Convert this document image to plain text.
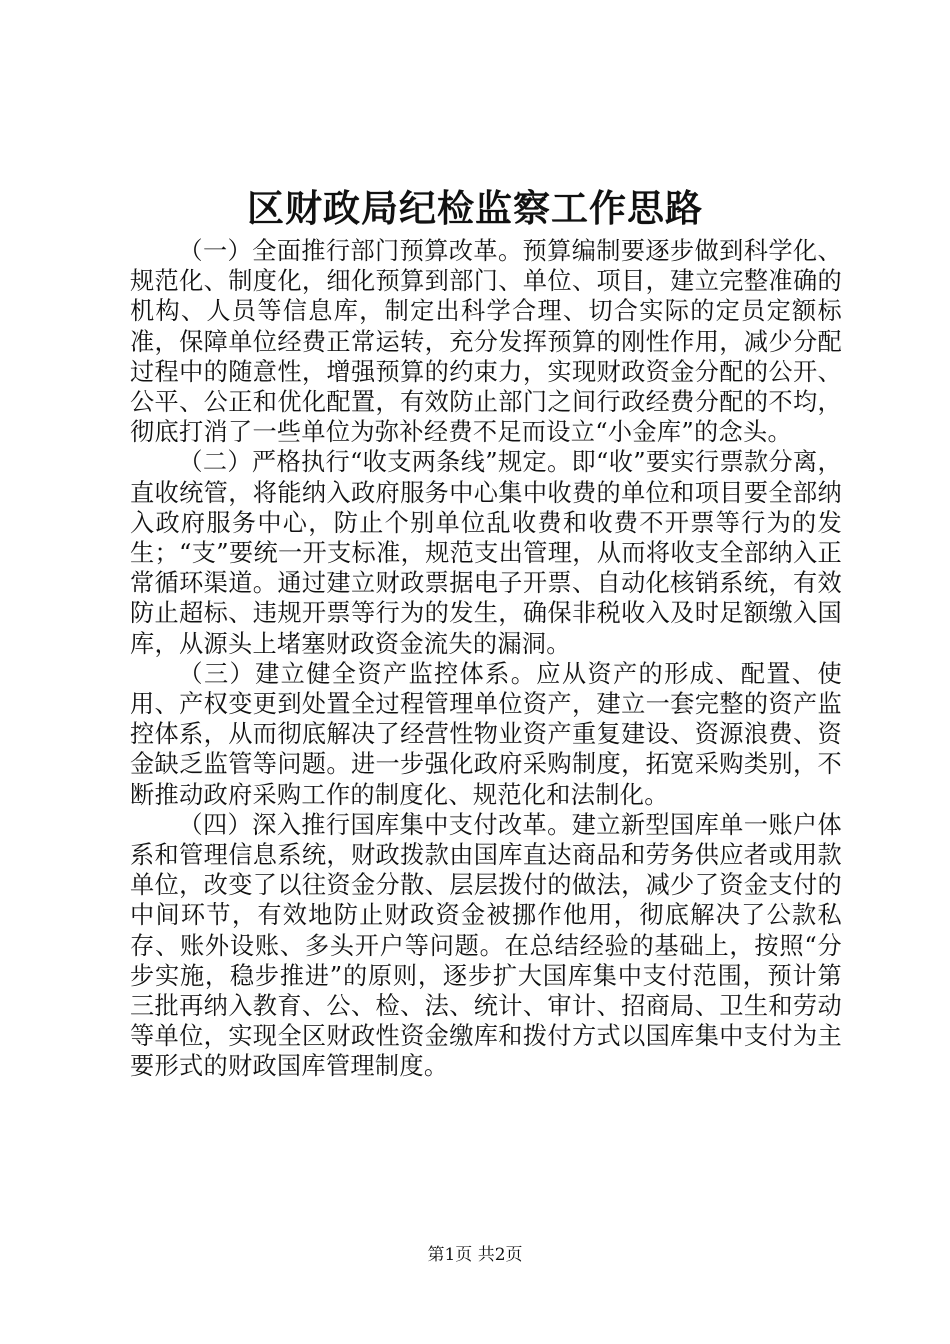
区财政局纪检监察工作思路

（一）全面推行部门预算改革。预算编制要逐步做到科学化、规范化、制度化，细化预算到部门、单位、项目，建立完整准确的机构、人员等信息库，制定出科学合理、切合实际的定员定额标准，保障单位经费正常运转，充分发挥预算的刚性作用，减少分配过程中的随意性，增强预算的约束力，实现财政资金分配的公开、公平、公正和优化配置，有效防止部门之间行政经费分配的不均，彻底打消了一些单位为弥补经费不足而设立“小金库”的念头。

（二）严格执行“收支两条线”规定。即“收”要实行票款分离，直收统管，将能纳入政府服务中心集中收费的单位和项目要全部纳入政府服务中心，防止个别单位乱收费和收费不开票等行为的发生；“支”要统一开支标准，规范支出管理，从而将收支全部纳入正常循环渠道。通过建立财政票据电子开票、自动化核销系统，有效防止超标、违规开票等行为的发生，确保非税收入及时足额缴入国库，从源头上堵塞财政资金流失的漏洞。

（三）建立健全资产监控体系。应从资产的形成、配置、使用、产权变更到处置全过程管理单位资产，建立一套完整的资产监控体系，从而彻底解决了经营性物业资产重复建设、资源浪费、资金缺乏监管等问题。进一步强化政府采购制度，拓宽采购类别，不断推动政府采购工作的制度化、规范化和法制化。

（四）深入推行国库集中支付改革。建立新型国库单一账户体系和管理信息系统，财政拨款由国库直达商品和劳务供应者或用款单位，改变了以往资金分散、层层拨付的做法，减少了资金支付的中间环节，有效地防止财政资金被挪作他用，彻底解决了公款私存、账外设账、多头开户等问题。在总结经验的基础上，按照“分步实施，稳步推进”的原则，逐步扩大国库集中支付范围，预计第三批再纳入教育、公、检、法、统计、审计、招商局、卫生和劳动等单位，实现全区财政性资金缴库和拨付方式以国库集中支付为主要形式的财政国库管理制度。

第1页 共2页
